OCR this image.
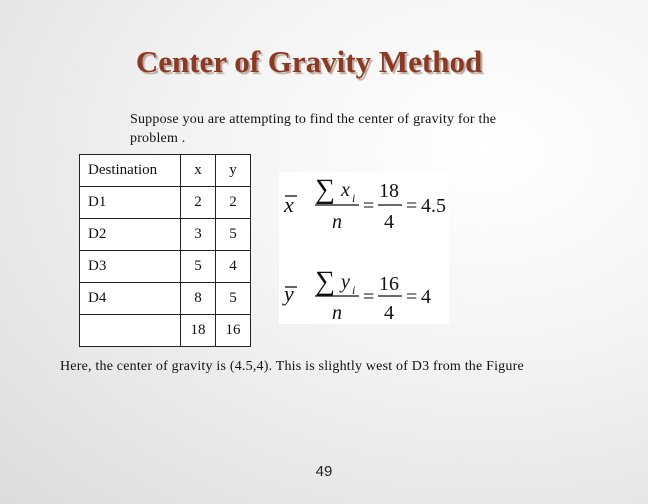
Center of Gravity Method
Suppose you are attempting to find the center of gravity for the problem .
Destination	x	y
D1	2	2
D2	3	5
D3	5	4
D4	8	5
	18	16
x ∑ x i
n
=
18
4
= 4.5
y ∑ y i
n
=
16
4
= 4
Here, the center of gravity is (4.5,4). This is slightly west of D3 from the Figure
49
